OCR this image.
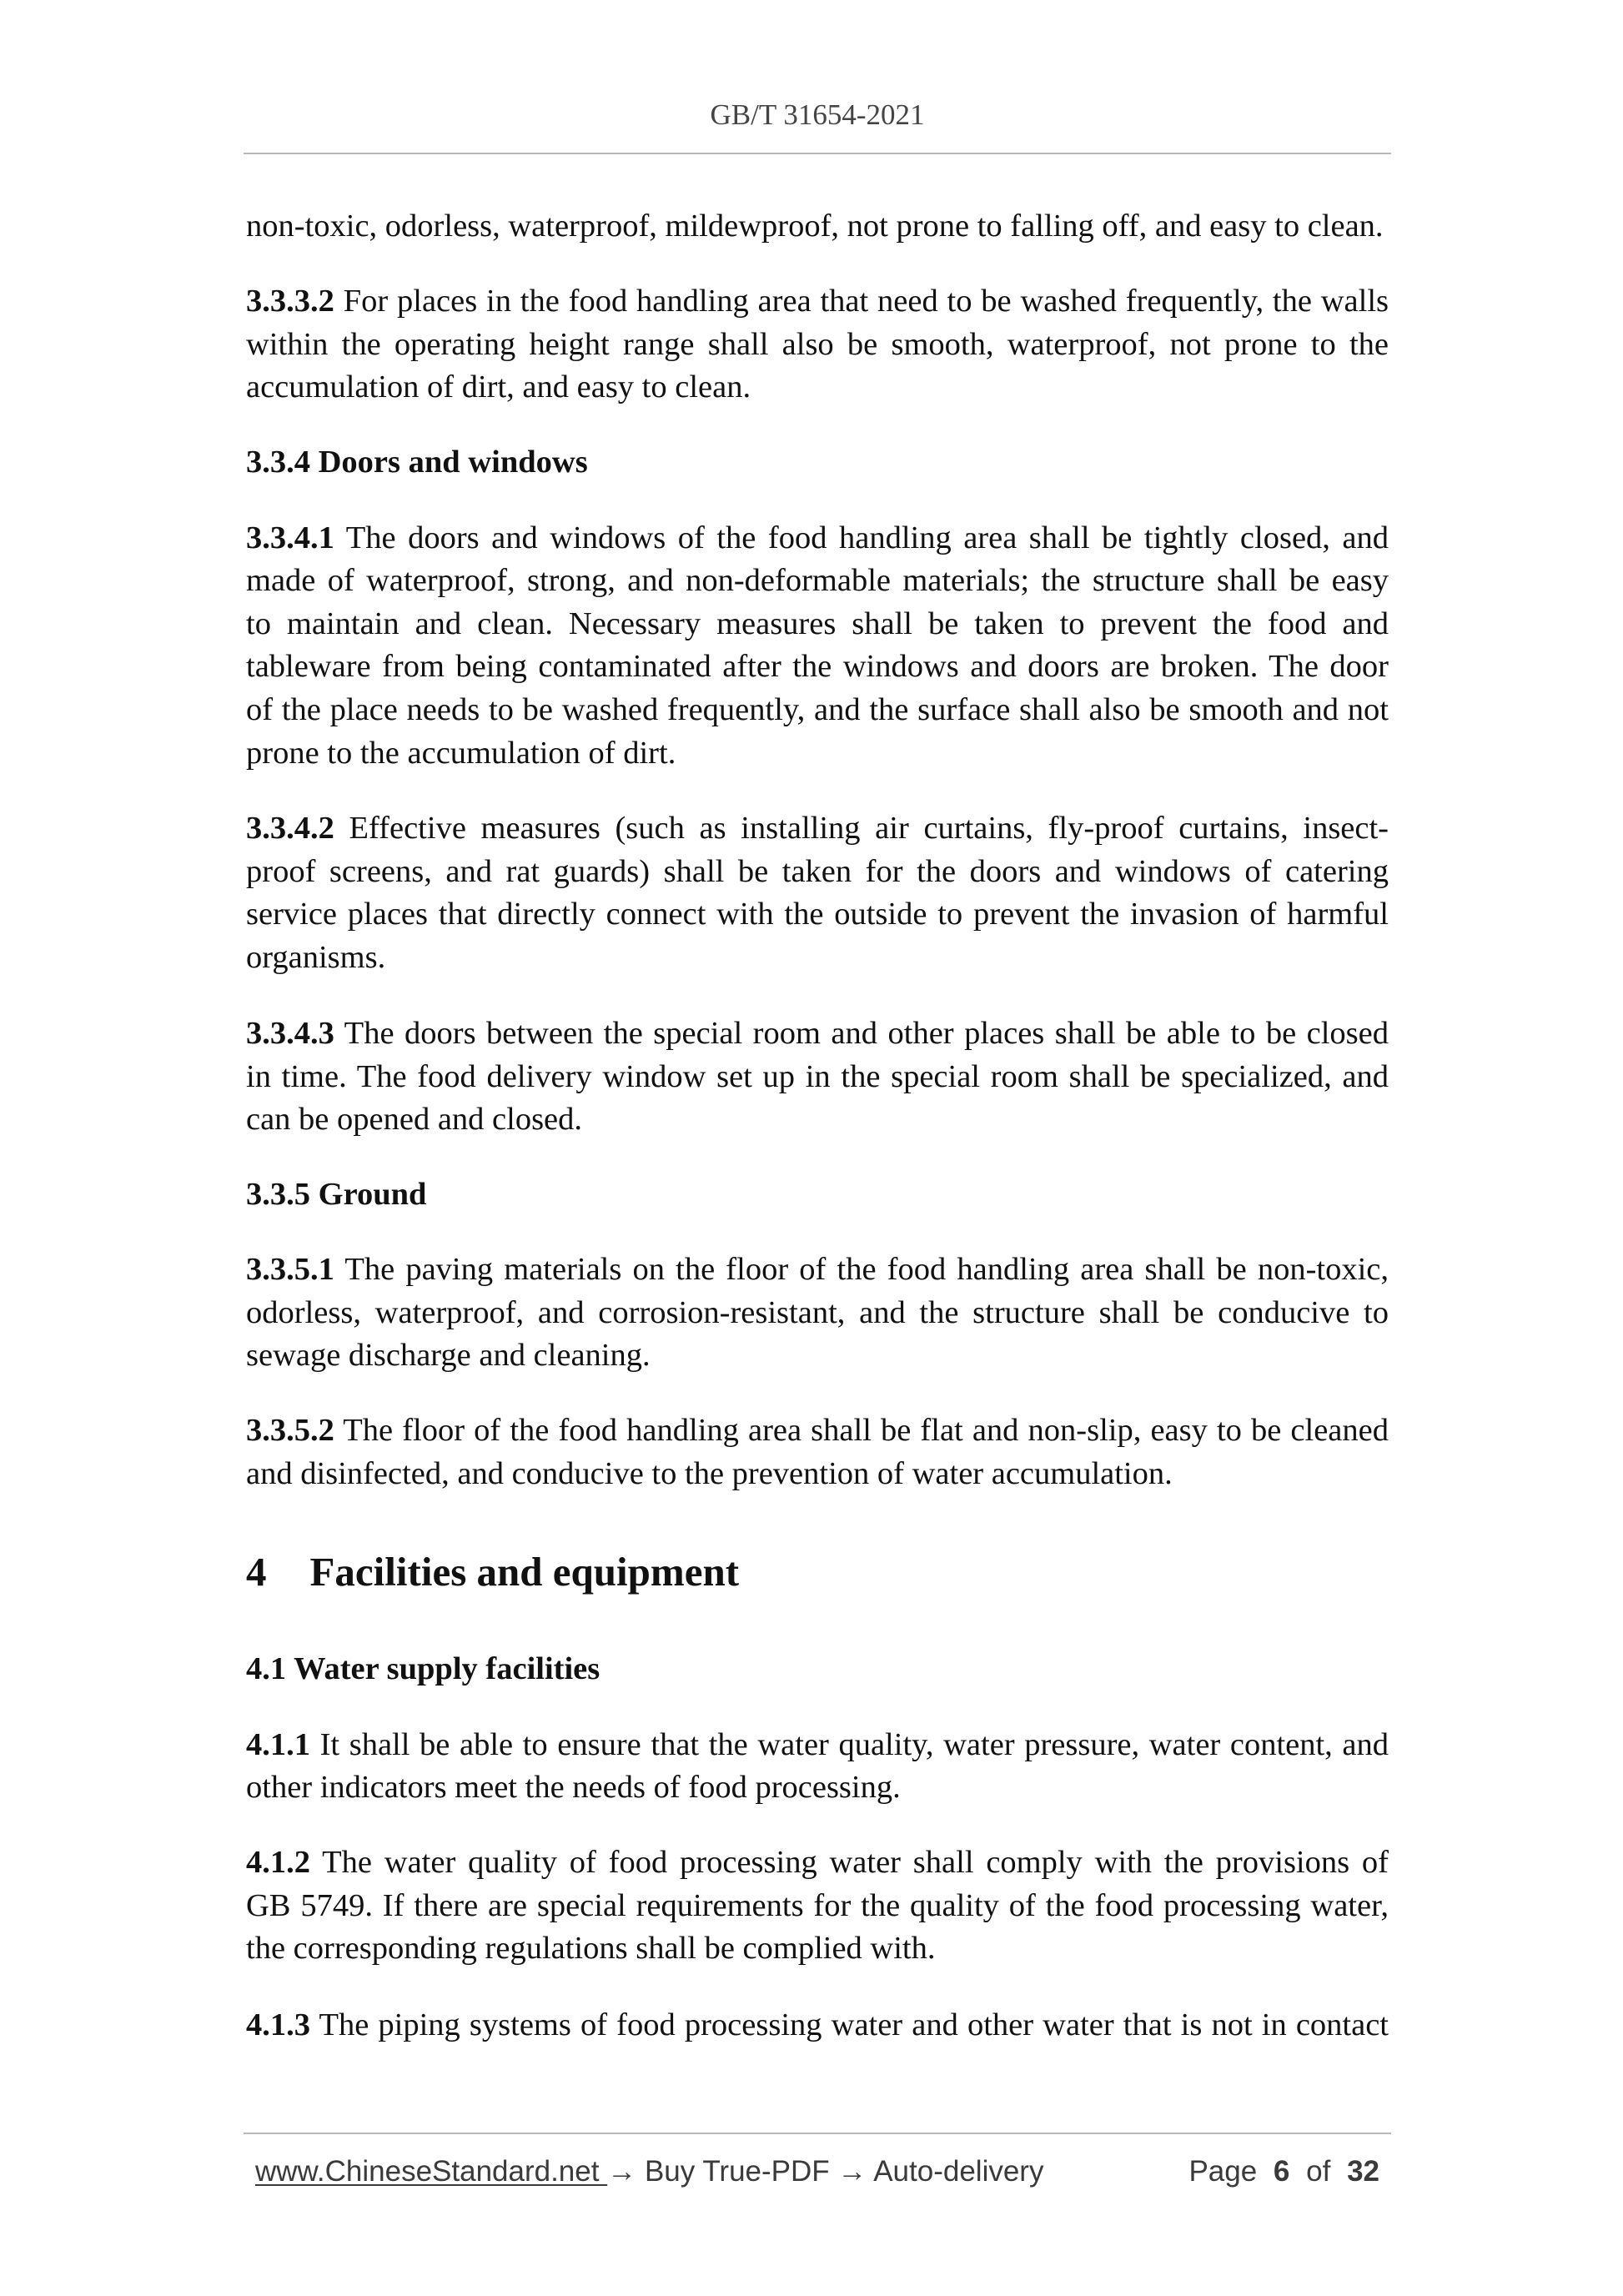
GB/T 31654-2021
non-toxic, odorless, waterproof, mildewproof, not prone to falling off, and easy to clean.
3.3.3.2 For places in the food handling area that need to be washed frequently, the walls
within the operating height range shall also be smooth, waterproof, not prone to the
accumulation of dirt, and easy to clean.
3.3.4 Doors and windows
3.3.4.1 The doors and windows of the food handling area shall be tightly closed, and
made of waterproof, strong, and non-deformable materials; the structure shall be easy
to maintain and clean. Necessary measures shall be taken to prevent the food and
tableware from being contaminated after the windows and doors are broken. The door
of the place needs to be washed frequently, and the surface shall also be smooth and not
prone to the accumulation of dirt.
3.3.4.2 Effective measures (such as installing air curtains, fly-proof curtains, insect-
proof screens, and rat guards) shall be taken for the doors and windows of catering
service places that directly connect with the outside to prevent the invasion of harmful
organisms.
3.3.4.3 The doors between the special room and other places shall be able to be closed
in time. The food delivery window set up in the special room shall be specialized, and
can be opened and closed.
3.3.5 Ground
3.3.5.1 The paving materials on the floor of the food handling area shall be non-toxic,
odorless, waterproof, and corrosion-resistant, and the structure shall be conducive to
sewage discharge and cleaning.
3.3.5.2 The floor of the food handling area shall be flat and non-slip, easy to be cleaned
and disinfected, and conducive to the prevention of water accumulation.
4 Facilities and equipment
4.1 Water supply facilities
4.1.1 It shall be able to ensure that the water quality, water pressure, water content, and
other indicators meet the needs of food processing.
4.1.2 The water quality of food processing water shall comply with the provisions of
GB 5749. If there are special requirements for the quality of the food processing water,
the corresponding regulations shall be complied with.
4.1.3 The piping systems of food processing water and other water that is not in contact
www.ChineseStandard.net → Buy True-PDF → Auto-delivery	Page 6 of 32
